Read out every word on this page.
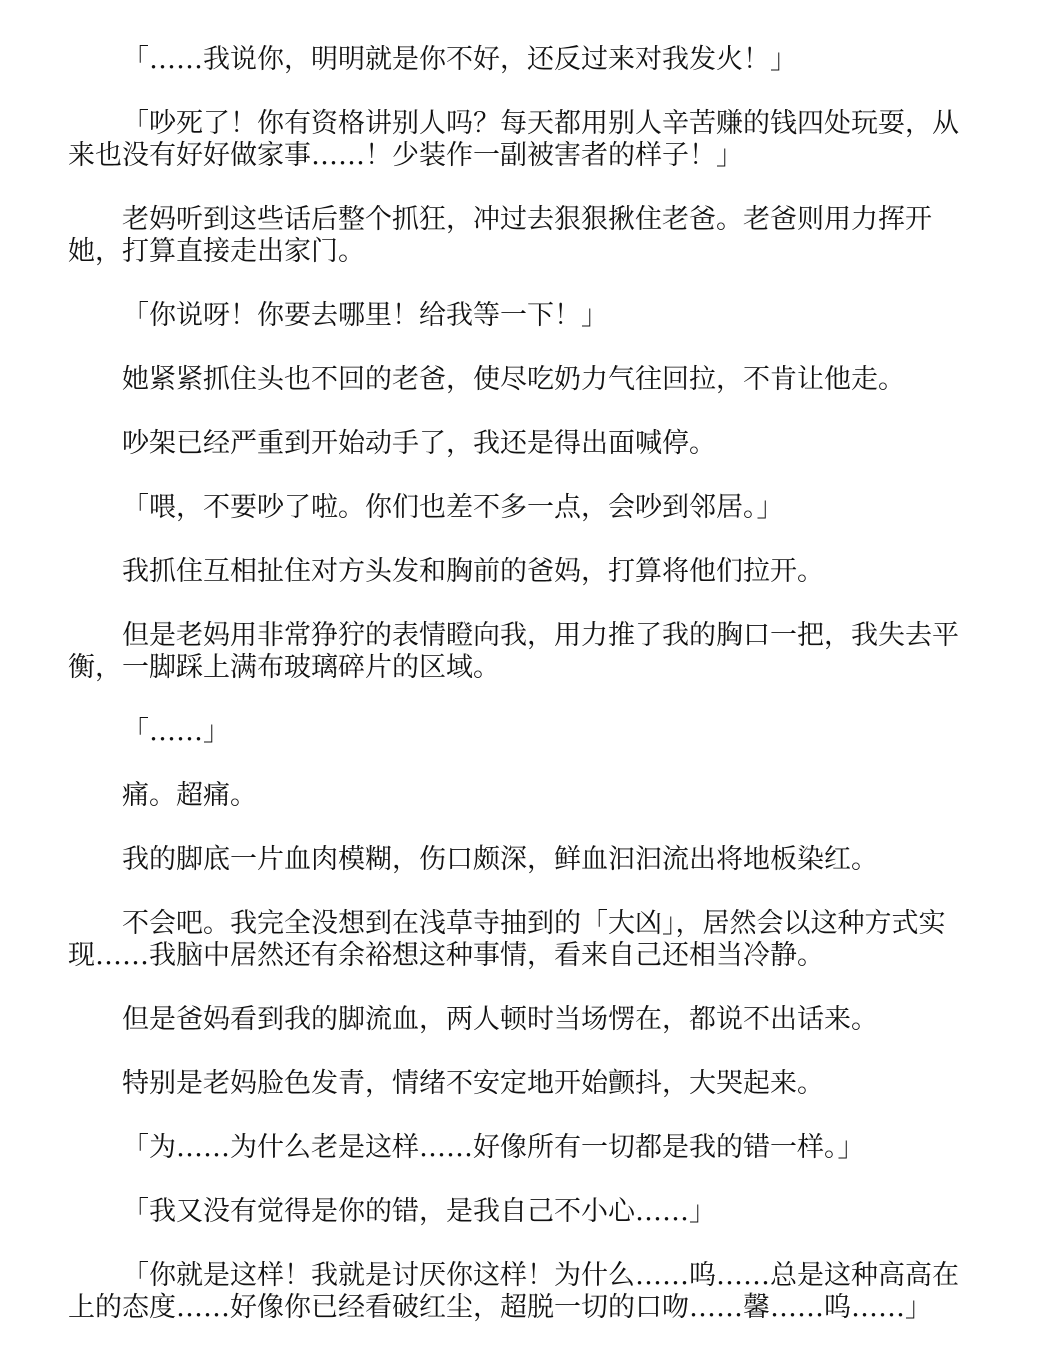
「……我说你，明明就是你不好，还反过来对我发火！」

「吵死了！你有资格讲别人吗？每天都用别人辛苦赚的钱四处玩耍，从来也没有好好做家事……！少装作一副被害者的样子！」

老妈听到这些话后整个抓狂，冲过去狠狠揪住老爸。老爸则用力挥开她，打算直接走出家门。

「你说呀！你要去哪里！给我等一下！」

她紧紧抓住头也不回的老爸，使尽吃奶力气往回拉，不肯让他走。

吵架已经严重到开始动手了，我还是得出面喊停。

「喂，不要吵了啦。你们也差不多一点，会吵到邻居。」

我抓住互相扯住对方头发和胸前的爸妈，打算将他们拉开。

但是老妈用非常狰狞的表情瞪向我，用力推了我的胸口一把，我失去平衡，一脚踩上满布玻璃碎片的区域。

「……」

痛。超痛。

我的脚底一片血肉模糊，伤口颇深，鲜血汩汩流出将地板染红。

不会吧。我完全没想到在浅草寺抽到的「大凶」，居然会以这种方式实现……我脑中居然还有余裕想这种事情，看来自己还相当冷静。

但是爸妈看到我的脚流血，两人顿时当场愣在，都说不出话来。

特别是老妈脸色发青，情绪不安定地开始颤抖，大哭起来。

「为……为什么老是这样……好像所有一切都是我的错一样。」

「我又没有觉得是你的错，是我自己不小心……」

「你就是这样！我就是讨厌你这样！为什么……呜……总是这种高高在上的态度……好像你已经看破红尘，超脱一切的口吻……馨……呜……」
